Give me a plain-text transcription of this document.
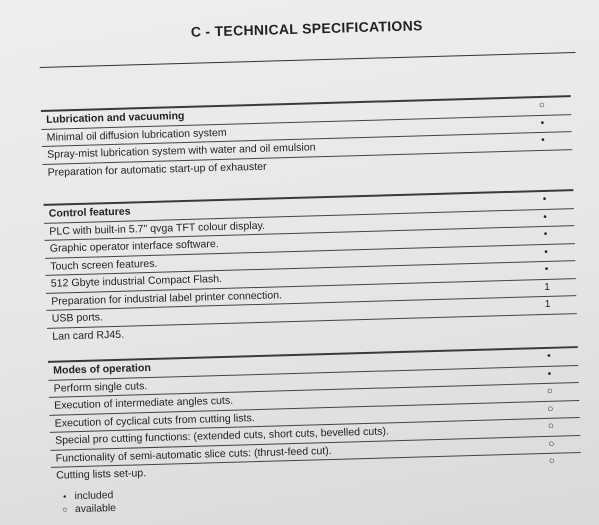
C - TECHNICAL SPECIFICATIONS
Lubrication and vacuuming
○
Minimal oil diffusion lubrication system
•
Spray-mist lubrication system with water and oil emulsion
•
Preparation for automatic start-up of exhauster
Control features
•
PLC with built-in 5.7" qvga TFT colour display.
•
Graphic operator interface software.
•
Touch screen features.
•
512 Gbyte industrial Compact Flash.
•
Preparation for industrial label printer connection.
1
USB ports.
1
Lan card RJ45.
Modes of operation
•
Perform single cuts.
•
Execution of intermediate angles cuts.
○
Execution of cyclical cuts from cutting lists.
○
Special pro cutting functions: (extended cuts, short cuts, bevelled cuts).	○
Functionality of semi-automatic slice cuts: (thrust-feed cut).
○
Cutting lists set-up.
○
• included
○ available
